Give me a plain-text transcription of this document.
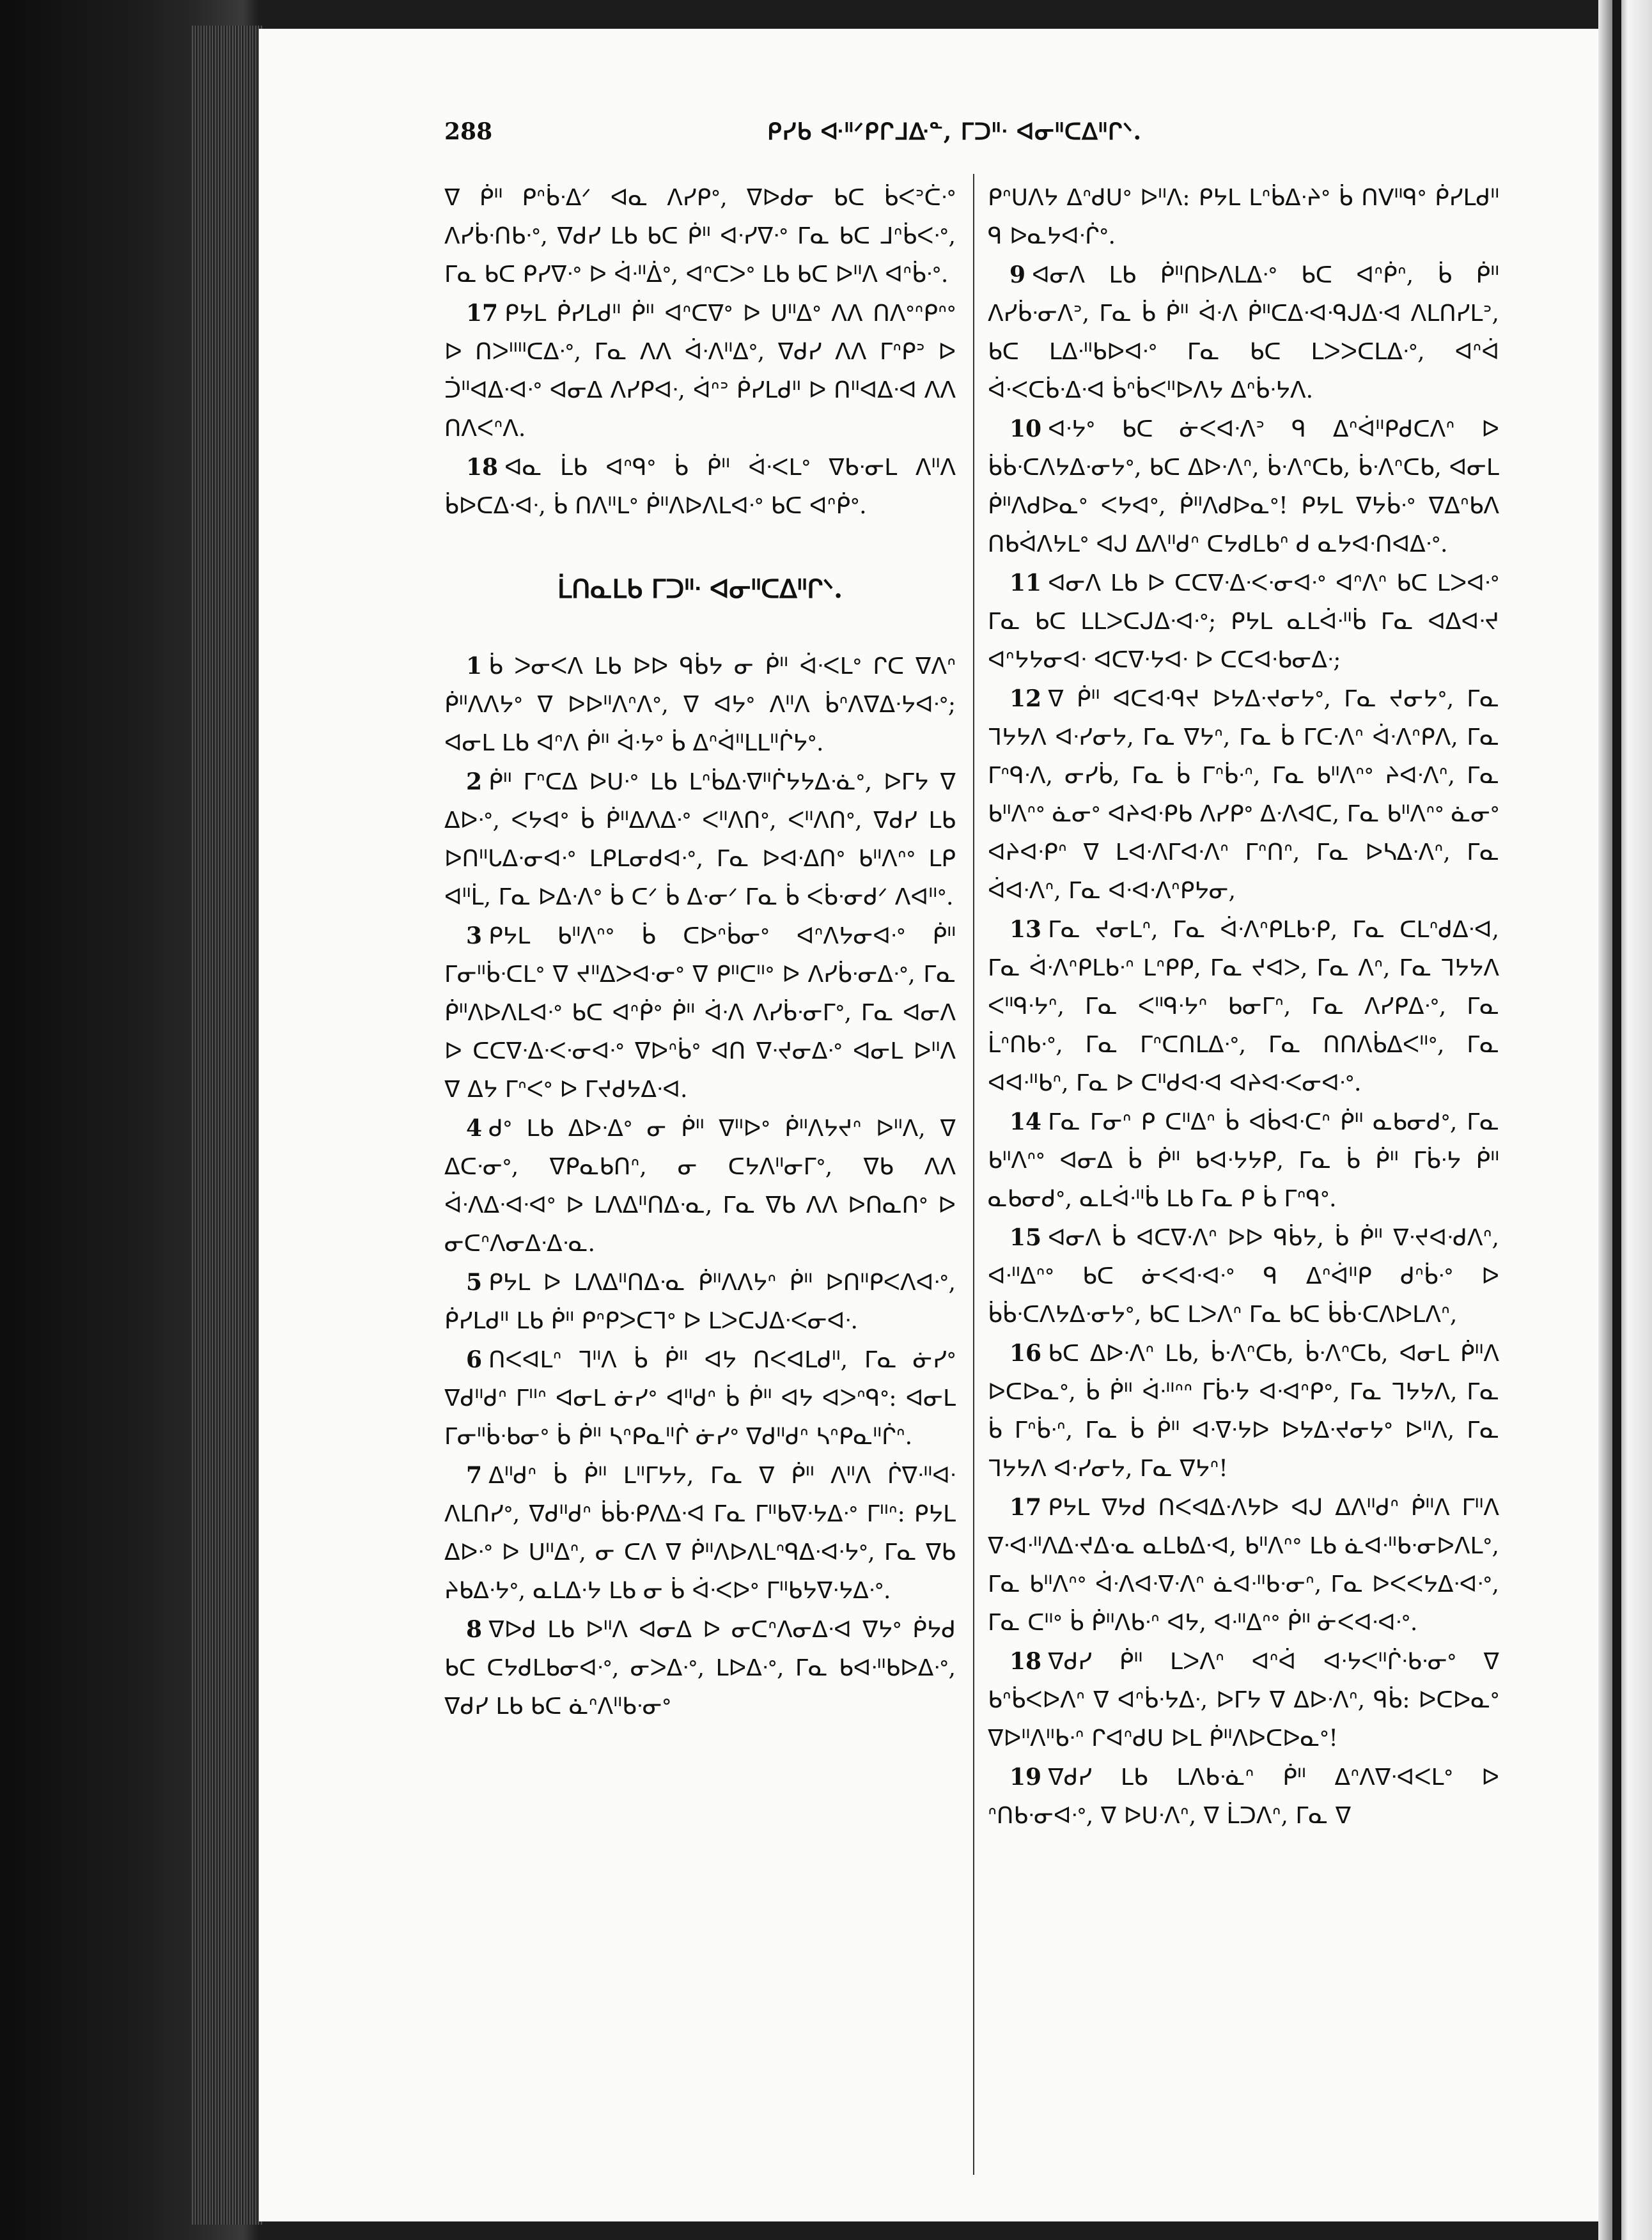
288	ᑭᓯᑲ ᐘᐦᐟᑭᒋᒧᐏᓐ, ᒥᑐᐦᐧ ᐊᓂᐦᑕᐃᐦᒋᐠ.

ᐁ ᑮᐦ ᑭᐢᑳᐧᐃᐟ ᐊᓇ ᐱᓯᑭᐤ, ᐁᐅᑯᓂ ᑲᑕ ᑳᐸᐣᑖᐧᐤ ᐱᓯᑳᐧᑎᑲᐧᐤ, ᐁᑯᓯ ᒪᑲ ᑲᑕ ᑮᐦ ᐊᐧᓯᐁᐧᐤ ᒥᓇ ᑲᑕ ᒧᐢᑳᐸᐧᐤ, ᒥᓇ ᑲᑕ ᑭᓯᐁᐧᐤ ᐅ ᐋᐧᐦᐄᐤ, ᐊᐢᑕᐳᐤ ᒪᑲ ᑲᑕ ᐅᐦᐱ ᐊᐢᑳᐧᐤ.

17 ᑭᔭᒪ ᑮᓯᒪᑯᐦ ᑮᐦ ᐊᐢᑕᐁᐤ ᐅ ᑌᐦᐃᐤ ᐱᐱ ᑎᐱᐤᐢᑭᐢᐤ ᐅ ᑎᐳᐦᐦᑕᐃᐧᐤ, ᒥᓇ ᐱᐱ ᐋᐧᐱᐦᐃᐤ, ᐁᑯᓯ ᐱᐱ ᒥᐢᑭᐣ ᐅ ᑑᐦᐊᐃᐧᐊᐧᐤ ᐊᓂᐃ ᐱᓯᑭᐊᐧ, ᐋᐢᐣ ᑮᓯᒪᑯᐦ ᐅ ᑎᐦᐊᐃᐧᐊ ᐱᐱ ᑎᐱᐸᐢᐱ.

18 ᐊᓇ ᒫᑲ ᐊᐢᑫᐤ ᑳ ᑮᐦ ᐋᐧᐸᒪᐤ ᐁᑲᐧᓂᒪ ᐱᐦᐱ ᑳᐅᑕᐃᐧᐊᐧ, ᑳ ᑎᐱᐦᒪᐤ ᑮᐦᐱᐅᐱᒪᐊᐧᐤ ᑲᑕ ᐊᐢᑮᐤ.

ᒫᑎᓇᒪᑲ ᒥᑐᐦᐧ ᐊᓂᐦᑕᐃᐦᒋᐠ.

1 ᑳ ᐳᓂᐸᐱ ᒪᑲ ᐅᐅ ᑫᑳᔭ ᓂ ᑮᐦ ᐋᐧᐸᒪᐤ ᒋᑕ ᐁᐱᐢ ᑮᐦᐱᐱᔭᐤ ᐁ ᐅᐅᐦᐱᐢᐱᐤ, ᐁ ᐊᔭᐤ ᐱᐦᐱ ᑳᐢᐱᐁᐃᐧᔭᐊᐧᐤ; ᐊᓂᒪ ᒪᑲ ᐊᐢᐱ ᑮᐦ ᐋᐧᔭᐤ ᑳ ᐃᐢᐋᐦᒪᒪᐦᒌᔭᐤ.

2 ᑮᐦ ᒥᐢᑕᐃ ᐅᑌᐧᐤ ᒪᑲ ᒪᐢᑳᐃᐧᐁᐦᒌᔭᔭᐃᐧᓈᐤ, ᐅᒥᔭ ᐁ ᐃᐅᐧᐤ, ᐸᔭᐊᐤ ᑳ ᑮᐦᐃᐱᐃᐧᐤ ᐸᐦᐱᑎᐤ, ᐸᐦᐱᑎᐤ, ᐁᑯᓯ ᒪᑲ ᐅᑎᐦᒐᐃᐧᓂᐊᐧᐤ ᒪᑭᒪᓂᑯᐊᐧᐤ, ᒥᓇ ᐅᐊᐧᐃᑎᐤ ᑲᐦᐱᐢᐤ ᒪᑭ ᐊᐦᒫ, ᒥᓇ ᐅᐃᐧᐱᐤ ᑳ ᑕᐟ ᑳ ᐃᐧᓂᐟ ᒥᓇ ᑳ ᐸᑳᐧᓂᑯᐟ ᐱᐊᐦᐤ.

3 ᑭᔭᒪ ᑲᐦᐱᐢᐤ ᑳ ᑕᐅᐢᑳᓂᐤ ᐊᐢᐱᔭᓂᐊᐧᐤ ᑮᐦ ᒥᓂᐦᑳᐧᑕᒪᐤ ᐁ ᔪᐦᐃᐳᐊᐧᓂᐤ ᐁ ᑭᐦᑕᐦᐤ ᐅ ᐱᓯᑳᐧᓂᐃᐧᐤ, ᒥᓇ ᑮᐦᐱᐅᐱᒪᐊᐧᐤ ᑲᑕ ᐊᐢᑮᐤ ᑮᐦ ᐋᐧᐱ ᐱᓯᑳᐧᓂᒥᐤ, ᒥᓇ ᐊᓂᐱ ᐅ ᑕᑕᐁᐧᐃᐧᐸᐧᓂᐊᐧᐤ ᐁᐅᐢᑳᐤ ᐊᑎ ᐁᐧᔪᓂᐃᐧᐤ ᐊᓂᒪ ᐅᐦᐱ ᐁ ᐃᔭ ᒥᐢᐸᐤ ᐅ ᒥᔪᑯᔭᐃᐧᐊ.

4 ᑯᐤ ᒪᑲ ᐃᐅᐧᐃᐤ ᓂ ᑮᐦ ᐁᐦᐅᐤ ᑮᐦᐱᔭᔪᐢ ᐅᐦᐱ, ᐁ ᐃᑕᐧᓂᐤ, ᐁᑭᓇᑲᑎᐢ, ᓂ ᑕᔭᐱᐦᓂᒥᐤ, ᐁᑲ ᐱᐱ ᐋᐧᐱᐃᐧᐊᐧᐊᐤ ᐅ ᒪᐱᐃᐦᑎᐃᐧᓇ, ᒥᓇ ᐁᑲ ᐱᐱ ᐅᑎᓇᑎᐤ ᐅ ᓂᑕᐢᐱᓂᐃᐧᐃᐧᓇ.

5 ᑭᔭᒪ ᐅ ᒪᐱᐃᐦᑎᐃᐧᓇ ᑮᐦᐱᐱᔭᐢ ᑮᐦ ᐅᑎᐦᑭᐸᐱᐊᐧᐤ, ᑮᓯᒪᑯᐦ ᒪᑲ ᑮᐦ ᑭᐢᑭᐳᑕᒣᐤ ᐅ ᒪᐳᑕᒍᐃᐧᐸᓂᐊᐧ.

6 ᑎᐸᐊᒪᐢ ᒣᐦᐱ ᑳ ᑮᐦ ᐊᔭ ᑎᐸᐊᒪᑯᐦ, ᒥᓇ ᓃᓯᐤ ᐁᑯᐦᑯᐢ ᒥᐦᐢ ᐊᓂᒪ ᓃᓯᐤ ᐊᐦᑯᐢ ᑳ ᑮᐦ ᐊᔭ ᐊᐳᐢᑫᐤ: ᐊᓂᒪ ᒥᓂᐦᑳᐧᑲᓂᐤ ᑳ ᑮᐦ ᓴᐢᑭᓇᐦᒌ ᓃᓯᐤ ᐁᑯᐦᑯᐢ ᓴᐢᑭᓇᐦᒌᐢ.

7 ᐃᐦᑯᐢ ᑳ ᑮᐦ ᒪᐦᒥᔭᔭ, ᒥᓇ ᐁ ᑮᐦ ᐱᐦᐱ ᒌᐁᐧᐦᐊᐧ ᐱᒪᑎᓯᐤ, ᐁᑯᐦᑯᐢ ᑳᑳᐧᑭᐱᐃᐧᐊ ᒥᓇ ᒥᐦᑲᐁᐧᔭᐃᐧᐤ ᒥᐦᐢ: ᑭᔭᒪ ᐃᐅᐧᐤ ᐅ ᑌᐦᐃᐢ, ᓂ ᑕᐱ ᐁ ᑮᐦᐱᐅᐱᒪᐢᑫᐃᐧᐊᐧᔭᐤ, ᒥᓇ ᐁᑲ ᔨᑲᐃᐧᔭᐤ, ᓇᒪᐃᐧᔭ ᒪᑲ ᓂ ᑳ ᐋᐧᐸᐅᐤ ᒥᐦᑲᔭᐁᐧᔭᐃᐧᐤ.

8 ᐁᐅᑯ ᒪᑲ ᐅᐦᐱ ᐊᓂᐃ ᐅ ᓂᑕᐢᐱᓂᐃᐧᐊ ᐁᔭᐤ ᑮᔭᑯ ᑲᑕ ᑕᔭᑯᒪᑲᓂᐊᐧᐤ, ᓂᐳᐃᐧᐤ, ᒪᐅᐃᐧᐤ, ᒥᓇ ᑲᐊᐧᐦᑲᐅᐃᐧᐤ, ᐁᑯᓯ ᒪᑲ ᑲᑕ ᓈᐢᐱᐦᑲᐧᓂᐤ

ᑭᐢᑌᐱᔭ ᐃᐢᑯᑌᐤ ᐅᐦᐱ: ᑭᔭᒪ ᒪᐢᑳᐃᐧᔨᐤ ᑳ ᑎᐯᐦᑫᐤ ᑮᓯᒪᑯᐦ ᑫ ᐅᓇᔭᐊᐧᒌᐤ.

9 ᐊᓂᐱ ᒪᑲ ᑮᐦᑎᐅᐱᒪᐃᐧᐤ ᑲᑕ ᐊᐢᑮᐢ, ᑳ ᑮᐦ ᐱᓯᑳᐧᓂᐱᐣ, ᒥᓇ ᑳ ᑮᐦ ᐋᐧᐱ ᑮᐦᑕᐃᐧᐊᐧᑫᒍᐃᐧᐊ ᐱᒪᑎᓯᒪᐣ, ᑲᑕ ᒪᐃᐧᐦᑲᐅᐊᐧᐤ ᒥᓇ ᑲᑕ ᒪᐳᐳᑕᒪᐃᐧᐤ, ᐊᐢᐋ ᐋᐧᐸᑕᑳᐧᐃᐧᐊ ᑳᐢᑳᐸᐦᐅᐱᔭ ᐃᐢᑳᐧᔭᐱ.

10 ᐊᐧᔭᐤ ᑲᑕ ᓃᐸᐊᐧᐱᐣ ᑫ ᐃᐢᐋᐦᑭᑯᑕᐱᐢ ᐅ ᑳᑳᐧᑕᐱᔭᐃᐧᓂᔭᐤ, ᑲᑕ ᐃᐅᐧᐱᐢ, ᑳᐧᐱᐢᑕᑲ, ᑳᐧᐱᐢᑕᑲ, ᐊᓂᒪ ᑮᐦᐱᑯᐅᓇᐤ ᐸᔭᐊᐤ, ᑮᐦᐱᑯᐅᓇᐤ! ᑭᔭᒪ ᐁᔭᑳᐧᐤ ᐁᐃᐢᑲᐱ ᑎᑲᐋᐱᔭᒪᐤ ᐊᒍ ᐃᐱᐦᑯᐢ ᑕᔭᑯᒪᑲᐢ ᑯ ᓇᔭᐊᐧᑎᐊᐃᐧᐤ.

11 ᐊᓂᐱ ᒪᑲ ᐅ ᑕᑕᐁᐧᐃᐧᐸᐧᓂᐊᐧᐤ ᐊᐢᐱᐢ ᑲᑕ ᒪᐳᐊᐧᐤ ᒥᓇ ᑲᑕ ᒪᒪᐳᑕᒍᐃᐧᐊᐧᐤ; ᑭᔭᒪ ᓇᒪᐋᐧᐦᑳ ᒥᓇ ᐊᐃᐊᐧᔪ ᐊᐢᔭᔭᓂᐊᐧ ᐊᑕᐁᐧᔭᐊᐧ ᐅ ᑕᑕᐊᐧᑲᓂᐃᐧ;

12 ᐁ ᑮᐦ ᐊᑕᐊᐧᑫᔪ ᐅᔭᐃᐧᔪᓂᔭᐤ, ᒥᓇ ᔪᓂᔭᐤ, ᒥᓇ ᒣᔭᔭᐱ ᐊᐧᓯᓂᔭ, ᒥᓇ ᐁᔭᐢ, ᒥᓇ ᑳ ᒥᑕᐧᐱᐢ ᐋᐧᐱᐢᑭᐱ, ᒥᓇ ᒥᐢᑫᐧᐱ, ᓂᓯᑳ, ᒥᓇ ᑳ ᒥᐢᑳᐧᐢ, ᒥᓇ ᑲᐦᐱᐢᐤ ᔨᐊᐧᐱᐢ, ᒥᓇ ᑲᐦᐱᐢᐤ ᓈᓂᐤ ᐊᔨᐊᐧᑭᑲ ᐱᓯᑭᐤ ᐃᐧᐱᐊᑕ, ᒥᓇ ᑲᐦᐱᐢᐤ ᓈᓂᐤ ᐊᔨᐊᐧᑭᐢ ᐁ ᒪᐊᐧᐱᒥᐊᐧᐱᐢ ᒥᐢᑎᐢ, ᒥᓇ ᐅᓴᐃᐧᐱᐢ, ᒥᓇ ᐋᐊᐧᐱᐢ, ᒥᓇ ᐊᐧᐊᐧᐱᐢᑭᔭᓂ,

13 ᒥᓇ ᔪᓂᒪᐢ, ᒥᓇ ᐋᐧᐱᐢᑭᒪᑲᐧᑭ, ᒥᓇ ᑕᒪᐢᑯᐃᐧᐊ, ᒥᓇ ᐋᐧᐱᐢᑭᒪᑲᐧᐢ ᒪᐢᑭᑭ, ᒥᓇ ᔪᐊᐳ, ᒥᓇ ᐱᐢ, ᒥᓇ ᒣᔭᔭᐱ ᐸᐦᑫᐧᔭᐢ, ᒥᓇ ᐸᐦᑫᐧᔭᐢ ᑲᓂᒥᐢ, ᒥᓇ ᐱᓯᑭᐃᐧᐤ, ᒥᓇ ᒫᐢᑎᑲᐧᐤ, ᒥᓇ ᒥᐢᑕᑎᒪᐃᐧᐤ, ᒥᓇ ᑎᑎᐱᑳᐃᐸᐦᐤ, ᒥᓇ ᐊᐊᐧᐦᑲᐢ, ᒥᓇ ᐅ ᑕᐦᑯᐊᐧᐊ ᐊᔨᐊᐧᐸᓂᐊᐧᐤ.

14 ᒥᓇ ᒥᓂᐢ ᑭ ᑕᐦᐃᐢ ᑳ ᐊᑳᐊᐧᑕᐢ ᑮᐦ ᓇᑲᓂᑯᐤ, ᒥᓇ ᑲᐦᐱᐢᐤ ᐊᓂᐃ ᑳ ᑮᐦ ᑲᐊᐧᔭᔭᑭ, ᒥᓇ ᑳ ᑮᐦ ᒥᑳᐧᔭ ᑮᐦ ᓇᑲᓂᑯᐤ, ᓇᒪᐋᐧᐦᑳ ᒪᑲ ᒥᓇ ᑭ ᑳ ᒥᐢᑫᐤ.

15 ᐊᓂᐱ ᑳ ᐊᑕᐁᐧᐱᐢ ᐅᐅ ᑫᑳᔭ, ᑳ ᑮᐦ ᐁᐧᔪᐊᐧᑯᐱᐢ, ᐊᐧᐦᐃᐢᐤ ᑲᑕ ᓃᐸᐊᐧᐊᐧᐤ ᑫ ᐃᐢᐋᐦᑭ ᑯᐢᑳᐧᐤ ᐅ ᑳᑳᐧᑕᐱᔭᐃᐧᓂᔭᐤ, ᑲᑕ ᒪᐳᐱᐢ ᒥᓇ ᑲᑕ ᑳᑳᐧᑕᐱᐅᒪᐱᐢ,

16 ᑲᑕ ᐃᐅᐧᐱᐢ ᒪᑲ, ᑳᐧᐱᐢᑕᑲ, ᑳᐧᐱᐢᑕᑲ, ᐊᓂᒪ ᑮᐦᐱ ᐅᑕᐅᓇᐤ, ᑳ ᑮᐦ ᐋᐧᐦᐢᐢ ᒥᑳᐧᔭ ᐊᐧᐊᐢᑭᐤ, ᒥᓇ ᒣᔭᔭᐱ, ᒥᓇ ᑳ ᒥᐢᑳᐧᐢ, ᒥᓇ ᑳ ᑮᐦ ᐊᐧᐁᐧᔭᐅ ᐅᔭᐃᐧᔪᓂᔭᐤ ᐅᐦᐱ, ᒥᓇ ᒣᔭᔭᐱ ᐊᐧᓯᓂᔭ, ᒥᓇ ᐁᔭᐢ!

17 ᑭᔭᒪ ᐁᔭᑯ ᑎᐸᐊᐃᐧᐱᔭᐅ ᐊᒍ ᐃᐱᐦᑯᐢ ᑮᐦᐱ ᒥᐦᐱ ᐁᐧᐊᐧᐦᐱᐃᐧᔪᐃᐧᓇ ᓇᒪᑲᐃᐧᐊ, ᑲᐦᐱᐢᐤ ᒪᑲ ᓈᐊᐧᐦᑲᐧᓂᐅᐱᒪᐤ, ᒥᓇ ᑲᐦᐱᐢᐤ ᐋᐧᐱᐊᐧᐁᐧᐱᐢ ᓈᐊᐧᐦᑲᐧᓂᐢ, ᒥᓇ ᐅᐸᐸᔭᐃᐧᐊᐧᐤ, ᒥᓇ ᑕᐦᐤ ᑳ ᑮᐦᐱᑲᐧᐢ ᐊᔭ, ᐊᐧᐦᐃᐢᐤ ᑮᐦ ᓃᐸᐊᐧᐊᐧᐤ.

18 ᐁᑯᓯ ᑮᐦ ᒪᐳᐱᐢ ᐊᐢᐋ ᐊᐧᔭᐸᐦᒌᐧᑲᐧᓂᐤ ᐁ ᑲᐢᑳᐸᐅᐱᐢ ᐁ ᐊᐢᑳᐧᔭᐃᐧ, ᐅᒥᔭ ᐁ ᐃᐅᐧᐱᐢ, ᑫᑳ: ᐅᑕᐅᓇᐤ ᐁᐅᐦᐱᐦᑲᐧᐢ ᒋᐊᐢᑯᑌ ᐅᒪ ᑮᐦᐱᐅᑕᐅᓇᐤ!

19 ᐁᑯᓯ ᒪᑲ ᒪᐱᑲᐧᓈᐢ ᑮᐦ ᐃᐢᐱᐁᐧᐊᐸᒪᐤ ᐅ ᐢᑎᑲᐧᓂᐊᐧᐤ, ᐁ ᐅᑌᐧᐱᐢ, ᐁ ᒫᑐᐱᐢ, ᒥᓇ ᐁ
